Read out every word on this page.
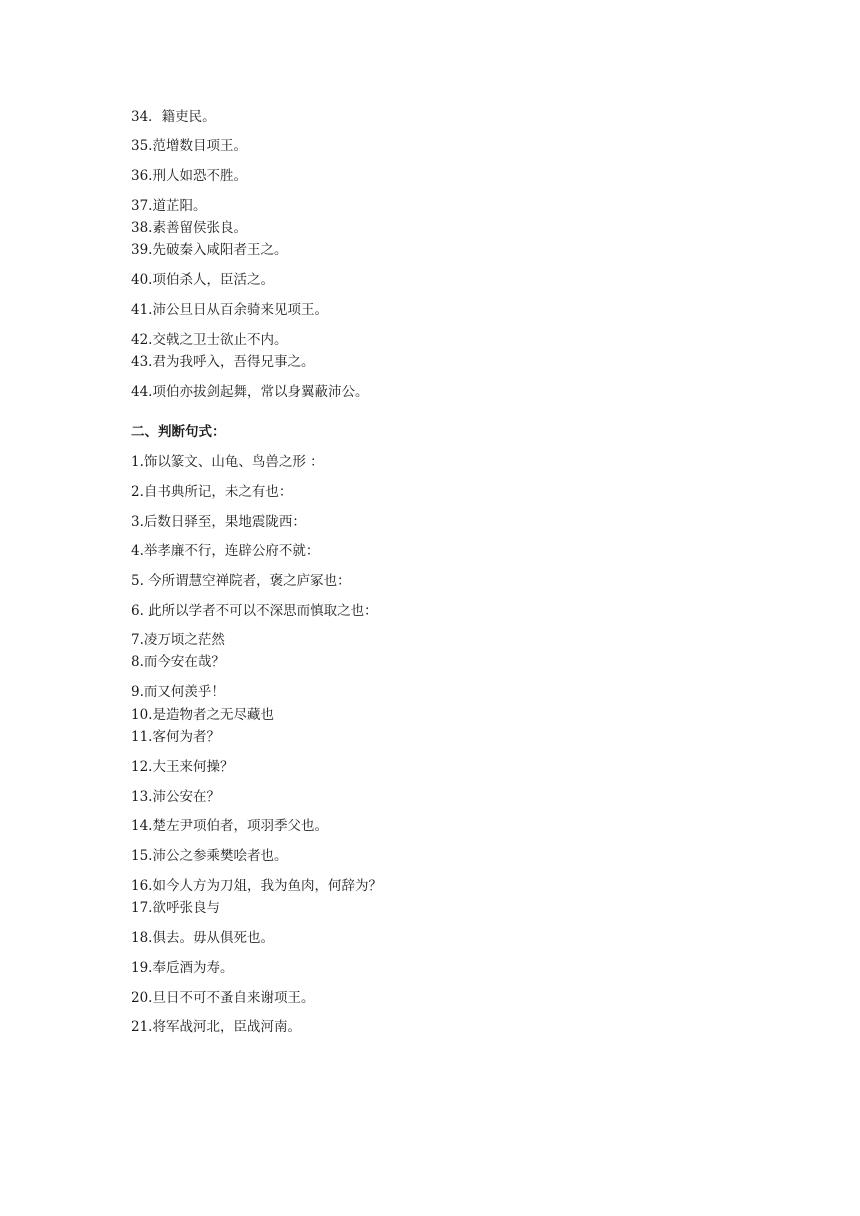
34．籍吏民。
35.范增数目项王。
36.刑人如恐不胜。
37.道芷阳。
38.素善留侯张良。
39.先破秦入咸阳者王之。
40.项伯杀人，臣活之。
41.沛公旦日从百余骑来见项王。
42.交戟之卫士欲止不内。
43.君为我呼入，吾得兄事之。
44.项伯亦拔剑起舞，常以身翼蔽沛公。
二、判断句式：
1.饰以篆文、山龟、鸟兽之形 ：
2.自书典所记，未之有也：
3.后数日驿至，果地震陇西：
4.举孝廉不行，连辟公府不就：
5. 今所谓慧空禅院者，褒之庐冢也：
6. 此所以学者不可以不深思而慎取之也：
7.凌万顷之茫然
8.而今安在哉？
9.而又何羡乎！
10.是造物者之无尽藏也
11.客何为者？
12.大王来何操？
13.沛公安在？
14.楚左尹项伯者，项羽季父也。
15.沛公之参乘樊哙者也。
16.如今人方为刀俎，我为鱼肉，何辞为？
17.欲呼张良与
18.俱去。毋从俱死也。
19.奉卮酒为寿。
20.旦日不可不蚤自来谢项王。
21.将军战河北，臣战河南。
